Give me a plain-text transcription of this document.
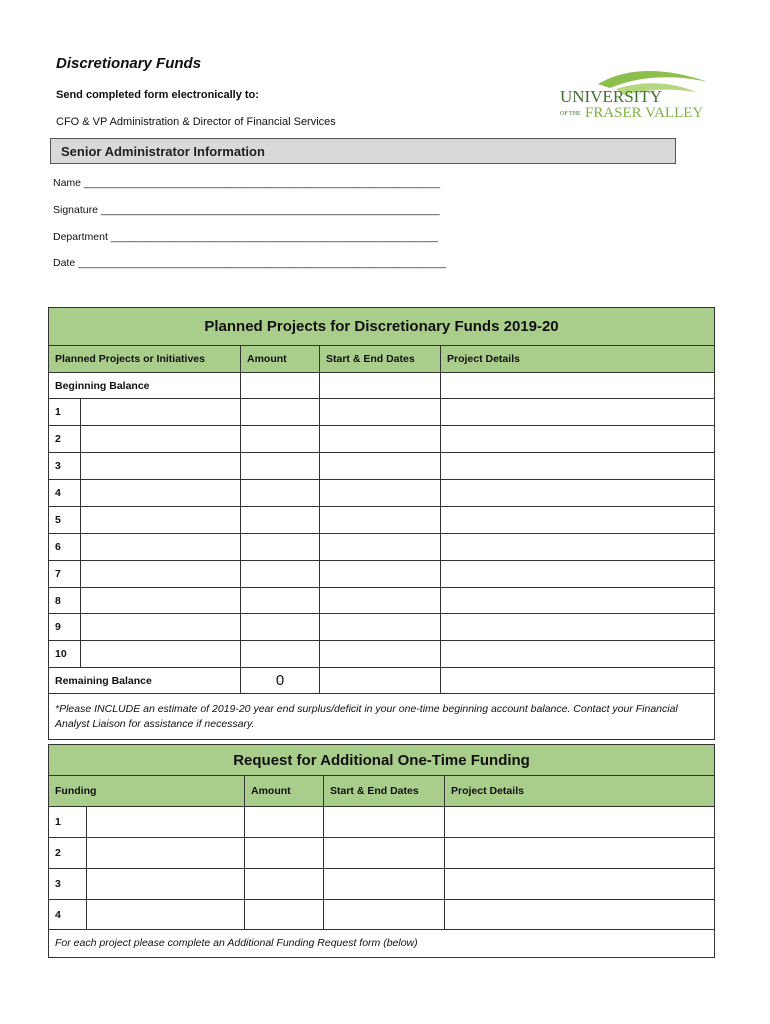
Discretionary Funds
Send completed form electronically to:
CFO & VP Administration & Director of Financial Services
UNIVERSITY
OF THE FRASER VALLEY
Senior Administrator Information
Name _____________________________________________________________
Signature __________________________________________________________
Department ________________________________________________________
Date _______________________________________________________________
Planned Projects for Discretionary Funds 2019-20				
Planned Projects or Initiatives		Amount	Start & End Dates	Project Details
Beginning Balance				
1				
2				
3				
4				
5				
6				
7				
8				
9				
10				
Remaining Balance		0		
*Please INCLUDE an estimate of 2019-20 year end surplus/deficit in your one-time beginning account balance. Contact your Financial Analyst Liaison for assistance if necessary.				
Request for Additional One-Time Funding				
Funding		Amount	Start & End Dates	Project Details
1				
2				
3				
4				
For each project please complete an Additional Funding Request form (below)				
